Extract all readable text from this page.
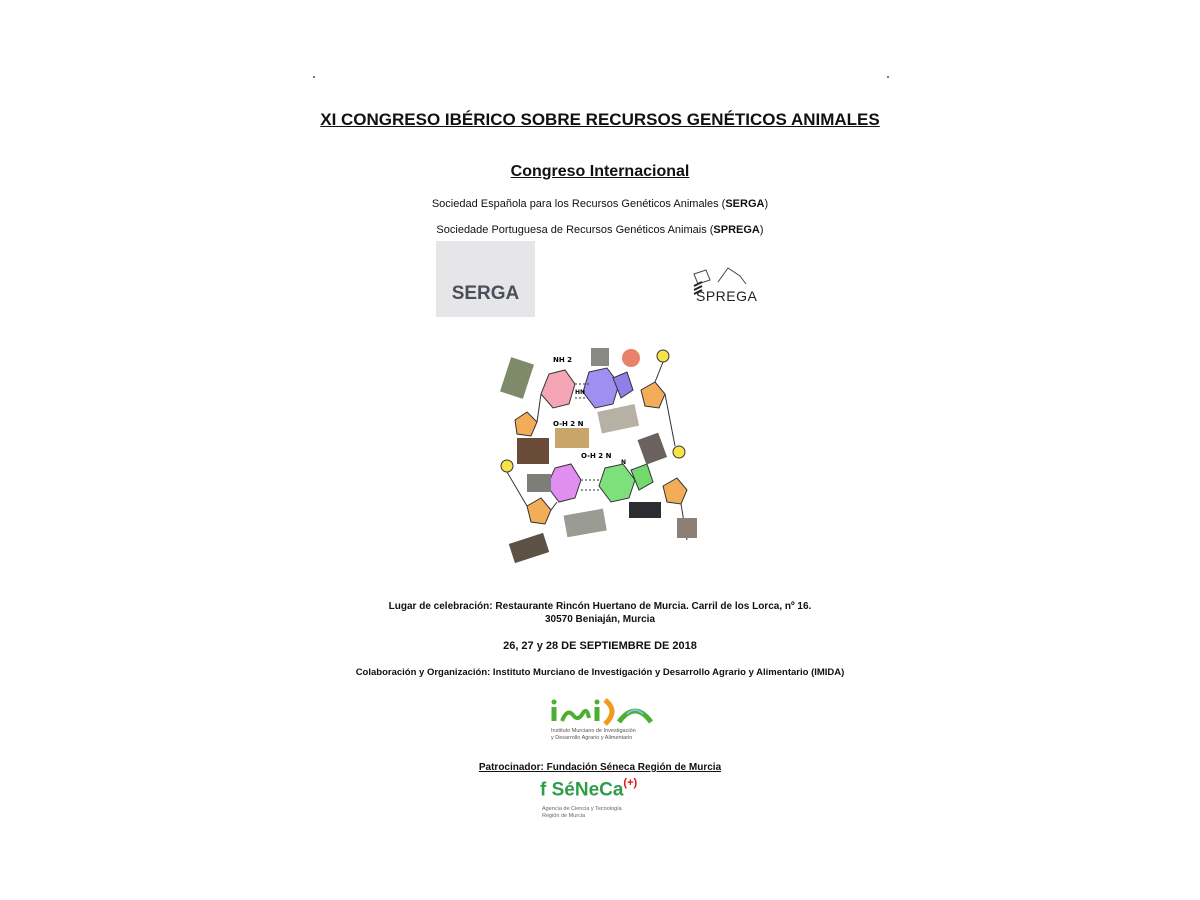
XI CONGRESO IBÉRICO SOBRE RECURSOS GENÉTICOS ANIMALES
Congreso Internacional
Sociedad Española para los Recursos Genéticos Animales (SERGA)
Sociedade Portuguesa de Recursos Genéticos Animais (SPREGA)
SERGA	SPREGA
NH 2
O-H 2 N
O-H 2 N
HN
N
Lugar de celebración: Restaurante Rincón Huertano de Murcia. Carril de los Lorca, nº 16.
30570 Beniaján, Murcia
26, 27 y 28 DE SEPTIEMBRE DE 2018
Colaboración y Organización: Instituto Murciano de Investigación y Desarrollo Agrario y Alimentario (IMIDA)
Instituto Murciano de Investigación
y Desarrollo Agrario y Alimentario
Patrocinador: Fundación Séneca Región de Murcia
f SéNeCa(+)
Agencia de Ciencia y Tecnología
Región de Murcia
